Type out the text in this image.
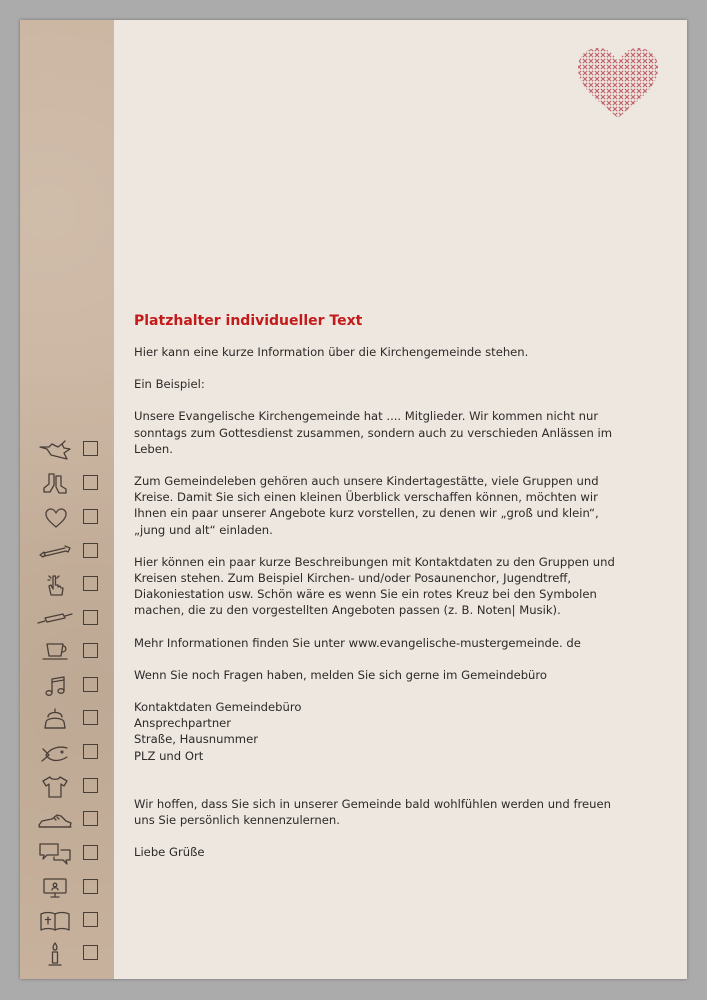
Platzhalter individueller Text

Hier kann eine kurze Information über die Kirchengemeinde stehen.

Ein Beispiel:

Unsere Evangelische Kirchengemeinde hat .... Mitglieder. Wir kommen nicht nur sonntags zum Gottesdienst zusammen, sondern auch zu verschieden Anlässen im Leben.

Zum Gemeindeleben gehören auch unsere Kindertagestätte, viele Gruppen und Kreise. Damit Sie sich einen kleinen Überblick verschaffen können, möchten wir Ihnen ein paar unserer Angebote kurz vorstellen, zu denen wir „groß und klein“, „jung und alt“ einladen.

Hier können ein paar kurze Beschreibungen mit Kontaktdaten zu den Gruppen und Kreisen stehen. Zum Beispiel Kirchen- und/oder Posaunenchor, Jugendtreff, Diakoniestation usw. Schön wäre es wenn Sie ein rotes Kreuz bei den Symbolen machen, die zu den vorgestellten Angeboten passen (z. B. Noten| Musik).

Mehr Informationen finden Sie unter www.evangelische-mustergemeinde. de

Wenn Sie noch Fragen haben, melden Sie sich gerne im Gemeindebüro

Kontaktdaten Gemeindebüro
Ansprechpartner
Straße, Hausnummer
PLZ und Ort

Wir hoffen, dass Sie sich in unserer Gemeinde bald wohlfühlen werden und freuen uns Sie persönlich kennenzulernen.

Liebe Grüße
